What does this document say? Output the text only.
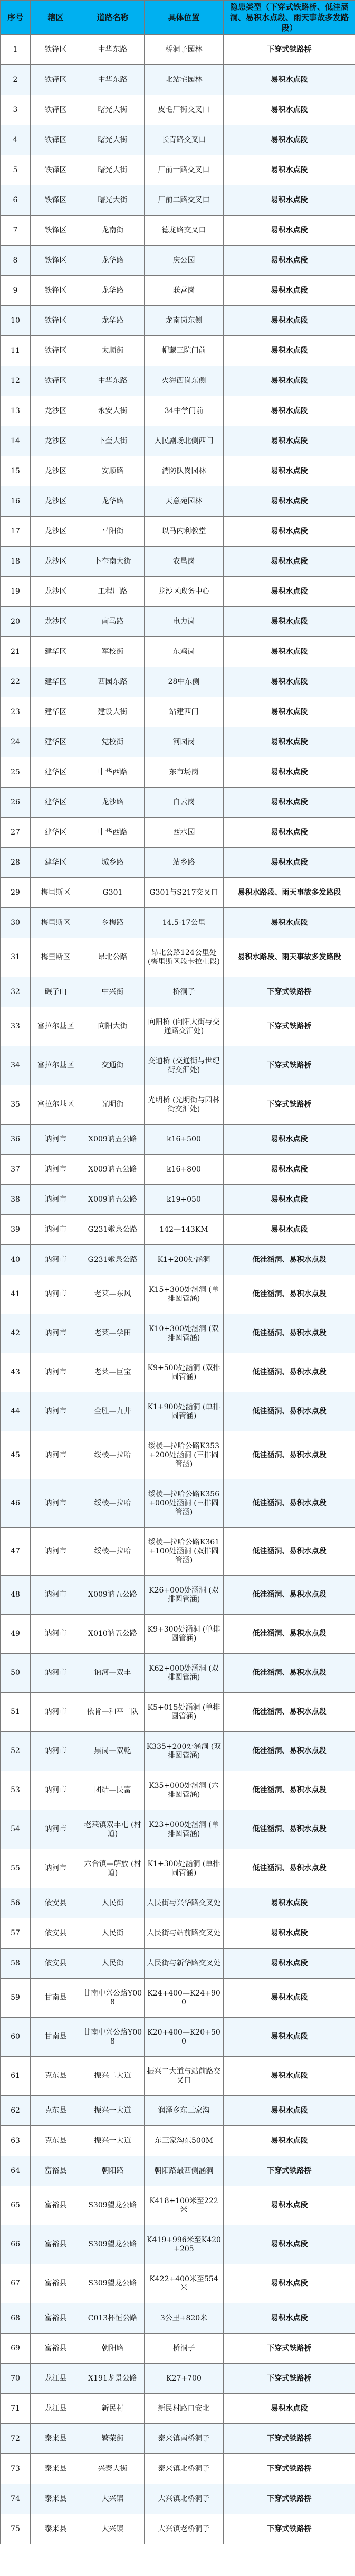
序号	辖区	道路名称	具体位置	隐患类型（下穿式铁路桥、低洼涵洞、易积水点段、雨天事故多发路段）
1	铁锋区	中华东路	桥洞子园林	下穿式铁路桥
2	铁锋区	中华东路	北站宅园林	易积水点段
3	铁锋区	曙光大街	皮毛厂街交叉口	易积水点段
4	铁锋区	曙光大街	长青路交叉口	易积水点段
5	铁锋区	曙光大街	厂前一路交叉口	易积水点段
6	铁锋区	曙光大街	厂前二路交叉口	易积水点段
7	铁锋区	龙南街	德龙路交叉口	易积水点段
8	铁锋区	龙华路	庆公园	易积水点段
9	铁锋区	龙华路	联营岗	易积水点段
10	铁锋区	龙华路	龙南岗东侧	易积水点段
11	铁锋区	太顺街	帽藏三院门前	易积水点段
12	铁锋区	中华东路	火海西岗东侧	易积水点段
13	龙沙区	永安大街	34中学门前	易积水点段
14	龙沙区	卜奎大街	人民剧场北侧西门	易积水点段
15	龙沙区	安顺路	消防队岗园林	易积水点段
16	龙沙区	龙华路	天意苑园林	易积水点段
17	龙沙区	平阳街	以马内利教堂	易积水点段
18	龙沙区	卜奎南大街	农垦岗	易积水点段
19	龙沙区	工程厂路	龙沙区政务中心	易积水点段
20	龙沙区	南马路	电力岗	易积水点段
21	建华区	军校街	东鸡岗	易积水点段
22	建华区	西园东路	28中东侧	易积水点段
23	建华区	建设大街	站建西门	易积水点段
24	建华区	党校街	河园岗	易积水点段
25	建华区	中华西路	东市场岗	易积水点段
26	建华区	龙沙路	白云岗	易积水点段
27	建华区	中华西路	西水园	易积水点段
28	建华区	城乡路	站乡路	易积水点段
29	梅里斯区	G301	G301与S217交叉口	易积水路段、雨天事故多发路段
30	梅里斯区	乡梅路	14.5-17公里	易积水点段
31	梅里斯区	昂北公路	昂北公路124公里处(梅里斯区段卡拉屯段)	易积水路段、雨天事故多发路段
32	碾子山	中兴街	桥洞子	下穿式铁路桥
33	富拉尔基区	向阳大街	向阳桥 (向阳大街与交通路交汇处)	下穿式铁路桥
34	富拉尔基区	交通街	交通桥 (交通街与世纪街交汇处)	下穿式铁路桥
35	富拉尔基区	光明街	光明桥 (光明街与园林街交汇处)	下穿式铁路桥
36	讷河市	X009讷五公路	k16+500	易积水点段
37	讷河市	X009讷五公路	k16+800	易积水点段
38	讷河市	X009讷五公路	k19+050	易积水点段
39	讷河市	G231嫩泉公路	142—143KM	易积水点段
40	讷河市	G231嫩泉公路	K1+200处涵洞	低洼涵洞、易积水点段
41	讷河市	老莱—东风	K15+300处涵洞 (单排圆管涵)	低洼涵洞、易积水点段
42	讷河市	老莱—学田	K10+300处涵洞 (双排圆管涵)	低洼涵洞、易积水点段
43	讷河市	老莱—巨宝	K9+500处涵洞 (双排圆管涵)	低洼涵洞、易积水点段
44	讷河市	全胜—九井	K1+900处涵洞 (单排圆管涵)	低洼涵洞、易积水点段
45	讷河市	绥棱—拉哈	绥棱—拉哈公路K353+200处涵洞 (三排圆管涵)	低洼涵洞、易积水点段
46	讷河市	绥棱—拉哈	绥棱—拉哈公路K356+000处涵洞 (三排圆管涵)	低洼涵洞、易积水点段
47	讷河市	绥棱—拉哈	绥棱—拉哈公路K361+100处涵洞 (双排圆管涵)	低洼涵洞、易积水点段
48	讷河市	X009讷五公路	K26+000处涵洞 (双排圆管涵)	低洼涵洞、易积水点段
49	讷河市	X010讷五公路	K9+300处涵洞 (单排圆管涵)	低洼涵洞、易积水点段
50	讷河市	讷河—双丰	K62+000处涵洞 (双排圆管涵)	低洼涵洞、易积水点段
51	讷河市	依肯—和平二队	K5+015处涵洞 (单排圆管涵)	低洼涵洞、易积水点段
52	讷河市	黑岗—双乾	K335+200处涵洞 (双排圆管涵)	低洼涵洞、易积水点段
53	讷河市	团结—民富	K35+000处涵洞 (六排圆管涵)	低洼涵洞、易积水点段
54	讷河市	老莱镇双丰屯 (村道)	K23+000处涵洞 (单排圆管涵)	低洼涵洞、易积水点段
55	讷河市	六合镇—解放 (村道)	K1+300处涵洞 (单排圆管涵)	低洼涵洞、易积水点段
56	依安县	人民街	人民街与兴华路交叉处	易积水点段
57	依安县	人民街	人民街与站前路交叉处	易积水点段
58	依安县	人民街	人民街与新华路交叉处	易积水点段
59	甘南县	甘南中兴公路Y008	K24+400—K24+900	易积水点段
60	甘南县	甘南中兴公路Y008	K20+400—K20+500	易积水点段
61	克东县	振兴二大道	振兴二大道与站前路交叉口	易积水点段
62	克东县	振兴一大道	润泽乡东三家沟	易积水点段
63	克东县	振兴一大道	东三家沟东500M	易积水点段
64	富裕县	朝阳路	朝阳路最西侧涵洞	下穿式铁路桥
65	富裕县	S309望龙公路	K418+100米至222米	易积水点段
66	富裕县	S309望龙公路	K419+996米至K420+205	易积水点段
67	富裕县	S309望龙公路	K422+400米至554米	易积水点段
68	富裕县	C013杯恒公路	3公里+820米	易积水点段
69	富裕县	朝阳路	桥洞子	下穿式铁路桥
70	龙江县	X191龙景公路	K27+700	下穿式铁路桥
71	龙江县	新民村	新民村路口安北	易积水点段
72	泰来县	繁荣街	泰来镇南桥洞子	下穿式铁路桥
73	泰来县	兴泰大街	泰来镇北桥洞子	下穿式铁路桥
74	泰来县	大兴镇	大兴镇北桥洞子	下穿式铁路桥
75	泰来县	大兴镇	大兴镇老桥洞子	下穿式铁路桥
